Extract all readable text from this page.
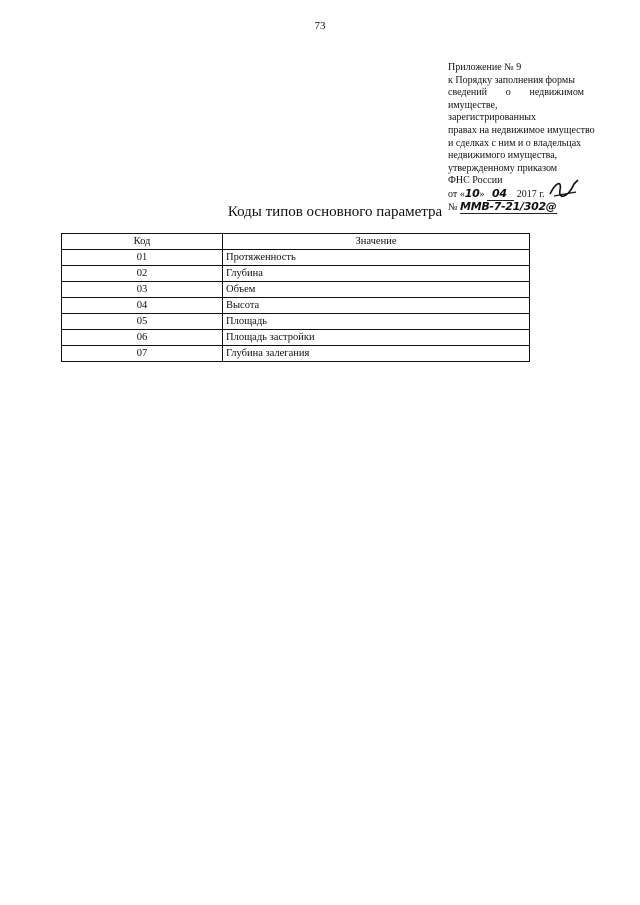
73
Приложение № 9
к Порядку заполнения формы
сведений о недвижимом
имуществе, зарегистрированных
правах на недвижимое имущество
и сделках с ним и о владельцах
недвижимого имущества,
утвержденному приказом
ФНС России
от «10» 04 2017 г.
№ ММВ-7-21/302@
Коды типов основного параметра
Код	Значение
01	Протяженность
02	Глубина
03	Объем
04	Высота
05	Площадь
06	Площадь застройки
07	Глубина залегания
